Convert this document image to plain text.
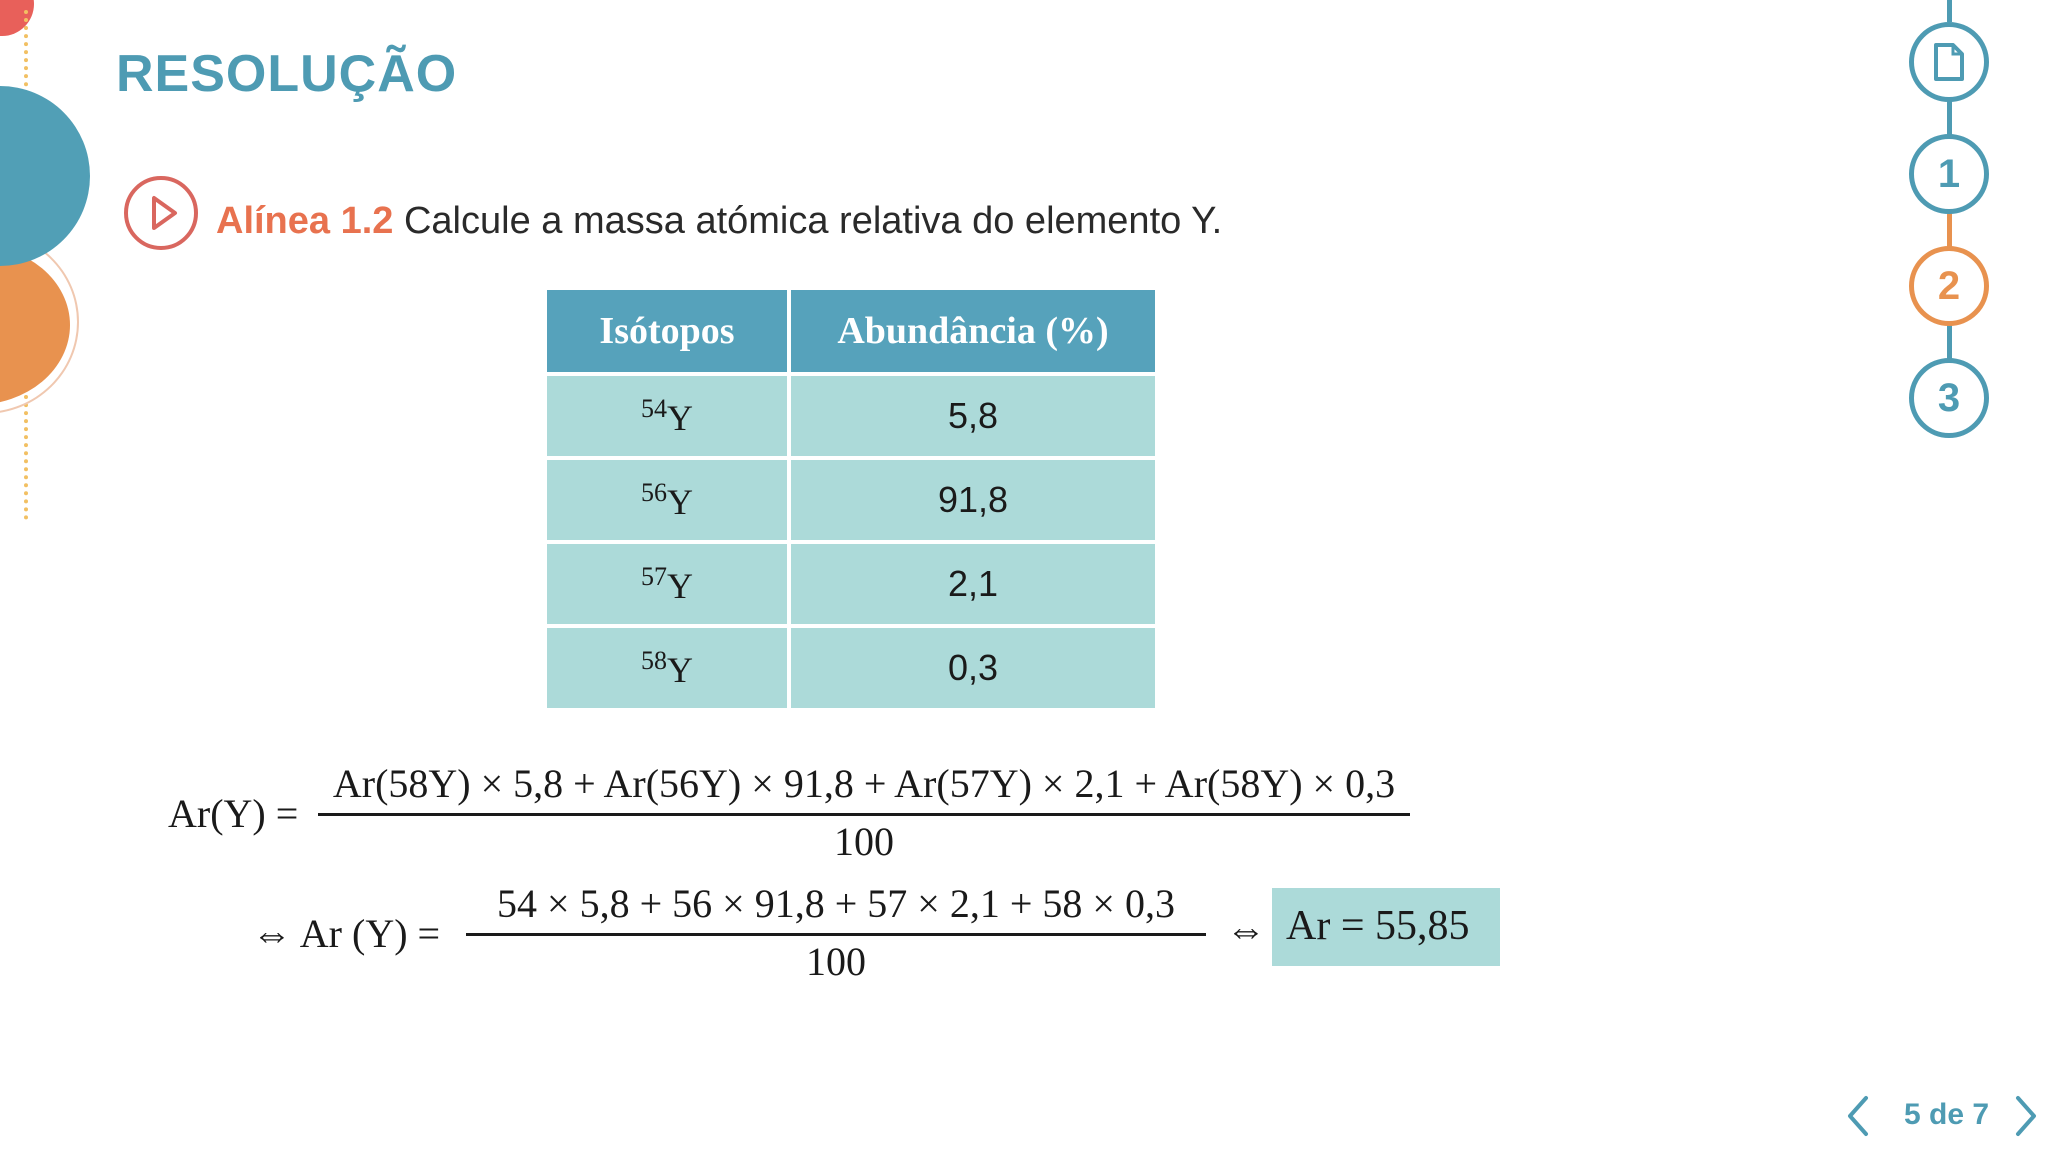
RESOLUÇÃO
Alínea 1.2 Calcule a massa atómica relativa do elemento Y.
Isótopos	Abundância (%)
$^{54}$Y	5,8
$^{56}$Y	91,8
$^{57}$Y	2,1
$^{58}$Y	0,3
Ar(Y) =
Ar(58Y) × 5,8 + Ar(56Y) × 91,8 + Ar(57Y) × 2,1 + Ar(58Y) × 0,3
100
⇔ Ar (Y) =
54 × 5,8 + 56 × 91,8 + 57 × 2,1 + 58 × 0,3
100
⇔ Ar = 55,85
1
2
3
5 de 7
